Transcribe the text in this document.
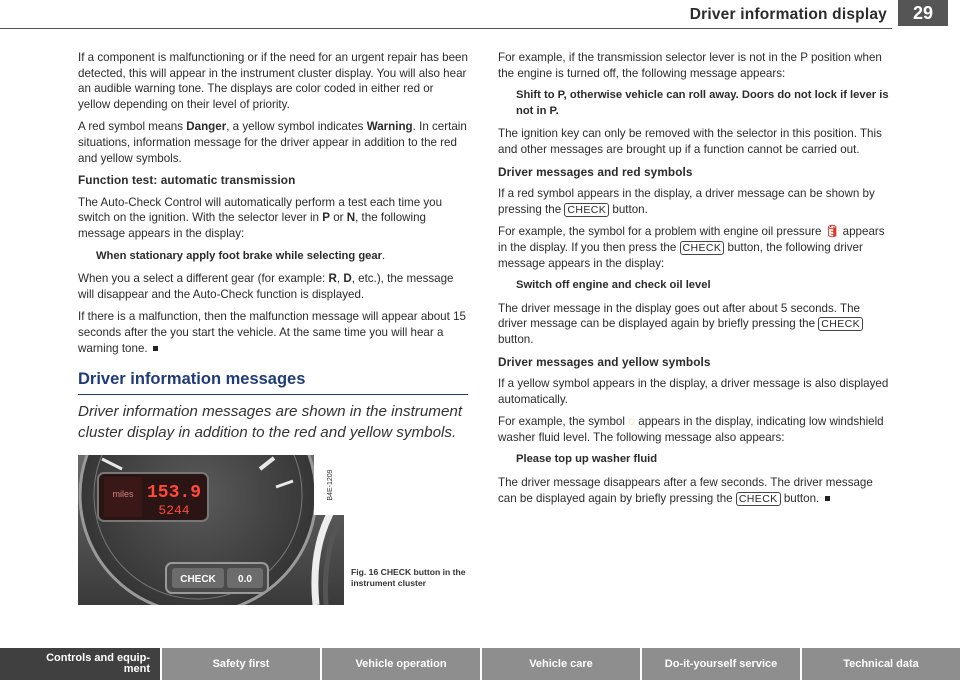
Driver information display	29

If a component is malfunctioning or if the need for an urgent repair has been detected, this will appear in the instrument cluster display. You will also hear an audible warning tone. The displays are color coded in either red or yellow depending on their level of priority.

A red symbol means Danger, a yellow symbol indicates Warning. In certain situations, information message for the driver appear in addition to the red and yellow symbols.

Function test: automatic transmission

The Auto-Check Control will automatically perform a test each time you switch on the ignition. With the selector lever in P or N, the following message appears in the display:

When stationary apply foot brake while selecting gear.

When you a select a different gear (for example: R, D, etc.), the message will disappear and the Auto-Check function is displayed.

If there is a malfunction, then the malfunction message will appear about 15 seconds after the you start the vehicle. At the same time you will hear a warning tone.

Driver information messages
Driver information messages are shown in the instrument cluster display in addition to the red and yellow symbols.
miles 153.9
5244
B4E-1209
CHECK 0.0
Fig. 16 CHECK button in the instrument cluster

For example, if the transmission selector lever is not in the P position when the engine is turned off, the following message appears:

Shift to P, otherwise vehicle can roll away. Doors do not lock if lever is not in P.

The ignition key can only be removed with the selector in this position. This and other messages are brought up if a function cannot be carried out.

Driver messages and red symbols

If a red symbol appears in the display, a driver message can be shown by pressing the CHECK button.

For example, the symbol for a problem with engine oil pressure 🛢 appears in the display. If you then press the CHECK button, the following driver message appears in the display:

Switch off engine and check oil level

The driver message in the display goes out after about 5 seconds. The driver message can be displayed again by briefly pressing the CHECK button.

Driver messages and yellow symbols

If a yellow symbol appears in the display, a driver message is also displayed automatically.

For example, the symbol ◌ appears in the display, indicating low windshield washer fluid level. The following message also appears:

Please top up washer fluid

The driver message disappears after a few seconds. The driver message can be displayed again by briefly pressing the CHECK button.

Controls and equip-
ment	Safety first	Vehicle operation	Vehicle care	Do-it-yourself service	Technical data
